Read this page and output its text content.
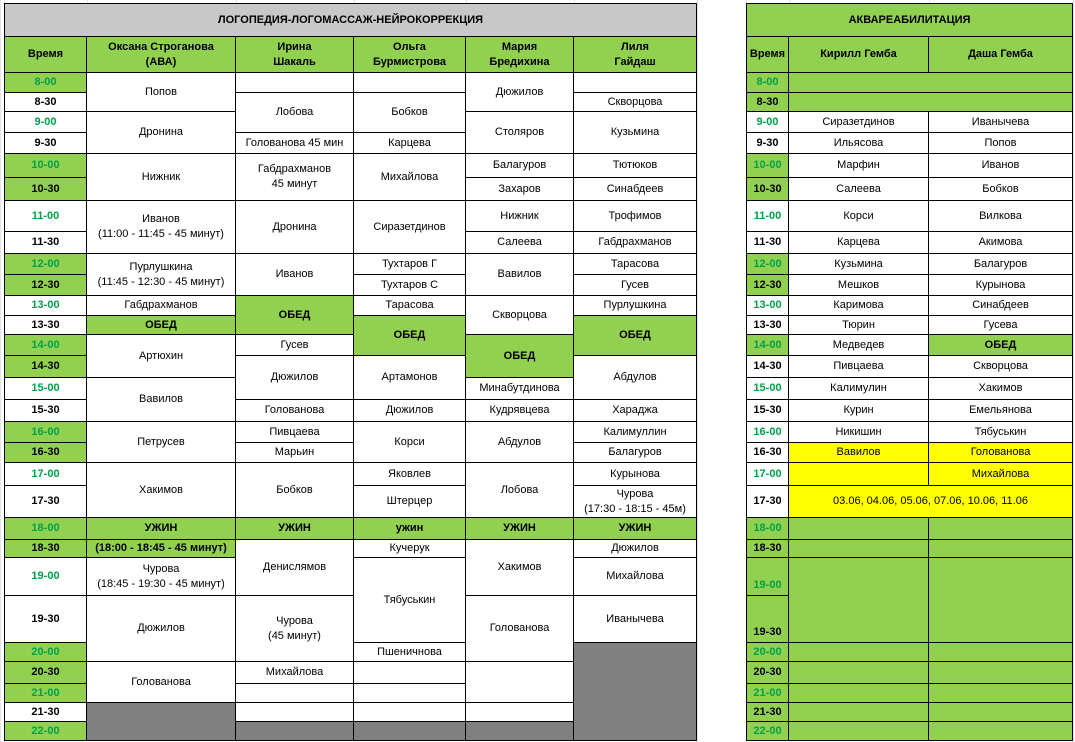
ЛОГОПЕДИЯ-ЛОГОМАССАЖ-НЕЙРОКОРРЕКЦИЯ
Время
Оксана Строганова
(АВА)
Ирина
Шакаль
Ольга
Бурмистрова
Мария
Бредихина
Лиля
Гайдаш
8-00
8-30
9-00
9-30
10-00
10-30
11-00
11-30
12-00
12-30
13-00
13-30
14-00
14-30
15-00
15-30
16-00
16-30
17-00
17-30
18-00
18-30
19-00
19-30
20-00
20-30
21-00
21-30
22-00
Попов
Дронина
Нижник
Иванов
(11:00 - 11:45 - 45 минут)
Пурлушкина
(11:45 - 12:30 - 45 минут)
Габдрахманов
ОБЕД
Артюхин
Вавилов
Петрусев
Хакимов
УЖИН
(18:00 - 18:45 - 45 минут)
Чурова
(18:45 - 19:30 - 45 минут)
Дюжилов
Голованова
Лобова
Голованова 45 мин
Габдрахманов
45 минут
Дронина
Иванов
ОБЕД
Гусев
Дюжилов
Голованова
Пивцаева
Марьин
Бобков
УЖИН
Денислямов
Чурова
(45 минут)
Михайлова
Бобков
Карцева
Михайлова
Сиразетдинов
Тухтаров Г
Тухтаров С
Тарасова
ОБЕД
Артамонов
Дюжилов
Корси
Яковлев
Штерцер
ужин
Кучерук
Тябуськин
Пшеничнова
Дюжилов
Столяров
Балагуров
Захаров
Нижник
Салеева
Вавилов
Скворцова
ОБЕД
Минабутдинова
Кудрявцева
Абдулов
Лобова
УЖИН
Хакимов
Голованова
Скворцова
Кузьмина
Тютюков
Синабдеев
Трофимов
Габдрахманов
Тарасова
Гусев
Пурлушкина
ОБЕД
Абдулов
Хараджа
Калимуллин
Балагуров
Курынова
Чурова
(17:30 - 18:15 - 45м)
УЖИН
Дюжилов
Михайлова
Иванычева
АКВАРЕАБИЛИТАЦИЯ
Время	Кирилл Гемба	Даша Гемба
8-00
8-30
9-00
9-30
10-00
10-30
11-00
11-30
12-00
12-30
13-00
13-30
14-00
14-30
15-00
15-30
16-00
16-30
17-00
17-30
18-00
18-30
19-00
19-30
20-00
20-30
21-00
21-30
22-00
Сиразетдинов
Ильясова
Марфин
Салеева
Корси
Карцева
Кузьмина
Мешков
Каримова
Тюрин
Медведев
Пивцаева
Калимулин
Курин
Никишин
Вавилов
Иванычева
Попов
Иванов
Бобков
Вилкова
Акимова
Балагуров
Курынова
Синабдеев
Гусева
ОБЕД
Скворцова
Хакимов
Емельянова
Тябуськин
Голованова
Михайлова
03.06, 04.06, 05.06, 07.06, 10.06, 11.06
